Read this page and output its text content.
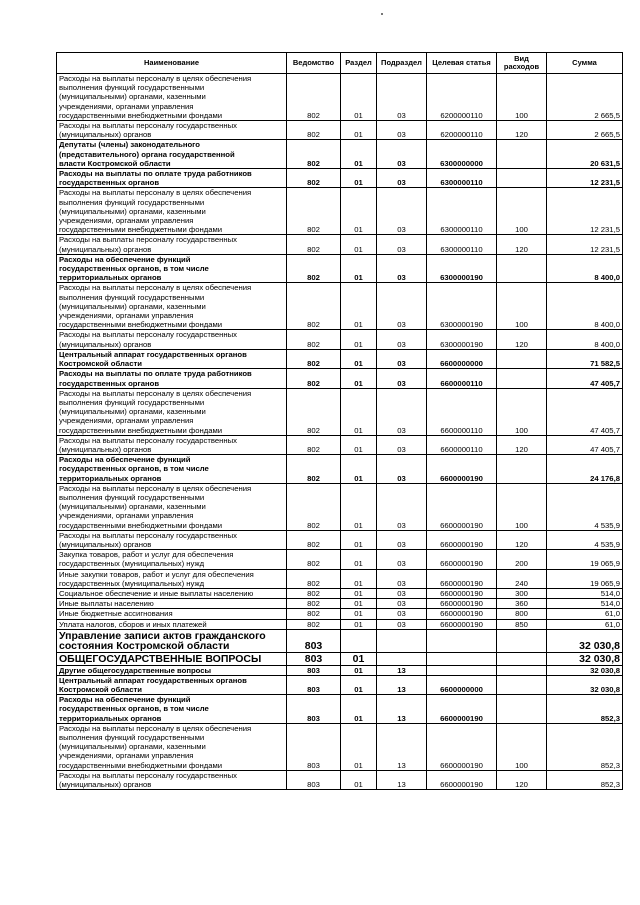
Наименование	Ведомство	Раздел	Подраздел	Целевая статья	Вид расходов	Сумма
Расходы на выплаты персоналу в целях обеспечения
выполнения функций государственными
(муниципальными) органами, казенными
учреждениями, органами управления
государственными внебюджетными фондами	802	01	03	6200000110	100	2 665,5
Расходы на выплаты персоналу государственных
(муниципальных) органов	802	01	03	6200000110	120	2 665,5
Депутаты (члены) законодательного
(представительного) органа государственной
власти Костромской области	802	01	03	6300000000		20 631,5
Расходы на выплаты по оплате труда работников
государственных органов	802	01	03	6300000110		12 231,5
Расходы на выплаты персоналу в целях обеспечения
выполнения функций государственными
(муниципальными) органами, казенными
учреждениями, органами управления
государственными внебюджетными фондами	802	01	03	6300000110	100	12 231,5
Расходы на выплаты персоналу государственных
(муниципальных) органов	802	01	03	6300000110	120	12 231,5
Расходы на обеспечение функций
государственных органов, в том числе
территориальных органов	802	01	03	6300000190		8 400,0
Расходы на выплаты персоналу в целях обеспечения
выполнения функций государственными
(муниципальными) органами, казенными
учреждениями, органами управления
государственными внебюджетными фондами	802	01	03	6300000190	100	8 400,0
Расходы на выплаты персоналу государственных
(муниципальных) органов	802	01	03	6300000190	120	8 400,0
Центральный аппарат государственных органов
Костромской области	802	01	03	6600000000		71 582,5
Расходы на выплаты по оплате труда работников
государственных органов	802	01	03	6600000110		47 405,7
Расходы на выплаты персоналу в целях обеспечения
выполнения функций государственными
(муниципальными) органами, казенными
учреждениями, органами управления
государственными внебюджетными фондами	802	01	03	6600000110	100	47 405,7
Расходы на выплаты персоналу государственных
(муниципальных) органов	802	01	03	6600000110	120	47 405,7
Расходы на обеспечение функций
государственных органов, в том числе
территориальных органов	802	01	03	6600000190		24 176,8
Расходы на выплаты персоналу в целях обеспечения
выполнения функций государственными
(муниципальными) органами, казенными
учреждениями, органами управления
государственными внебюджетными фондами	802	01	03	6600000190	100	4 535,9
Расходы на выплаты персоналу государственных
(муниципальных) органов	802	01	03	6600000190	120	4 535,9
Закупка товаров, работ и услуг для обеспечения
государственных (муниципальных) нужд	802	01	03	6600000190	200	19 065,9
Иные закупки товаров, работ и услуг для обеспечения
государственных (муниципальных) нужд	802	01	03	6600000190	240	19 065,9
Социальное обеспечение и иные выплаты населению	802	01	03	6600000190	300	514,0
Иные выплаты населению	802	01	03	6600000190	360	514,0
Иные бюджетные ассигнования	802	01	03	6600000190	800	61,0
Уплата налогов, сборов и иных платежей	802	01	03	6600000190	850	61,0
Управление записи актов гражданского
состояния Костромской области	803					32 030,8
ОБЩЕГОСУДАРСТВЕННЫЕ ВОПРОСЫ	803	01				32 030,8
Другие общегосударственные вопросы	803	01	13			32 030,8
Центральный аппарат государственных органов
Костромской области	803	01	13	6600000000		32 030,8
Расходы на обеспечение функций
государственных органов, в том числе
территориальных органов	803	01	13	6600000190		852,3
Расходы на выплаты персоналу в целях обеспечения
выполнения функций государственными
(муниципальными) органами, казенными
учреждениями, органами управления
государственными внебюджетными фондами	803	01	13	6600000190	100	852,3
Расходы на выплаты персоналу государственных
(муниципальных) органов	803	01	13	6600000190	120	852,3
